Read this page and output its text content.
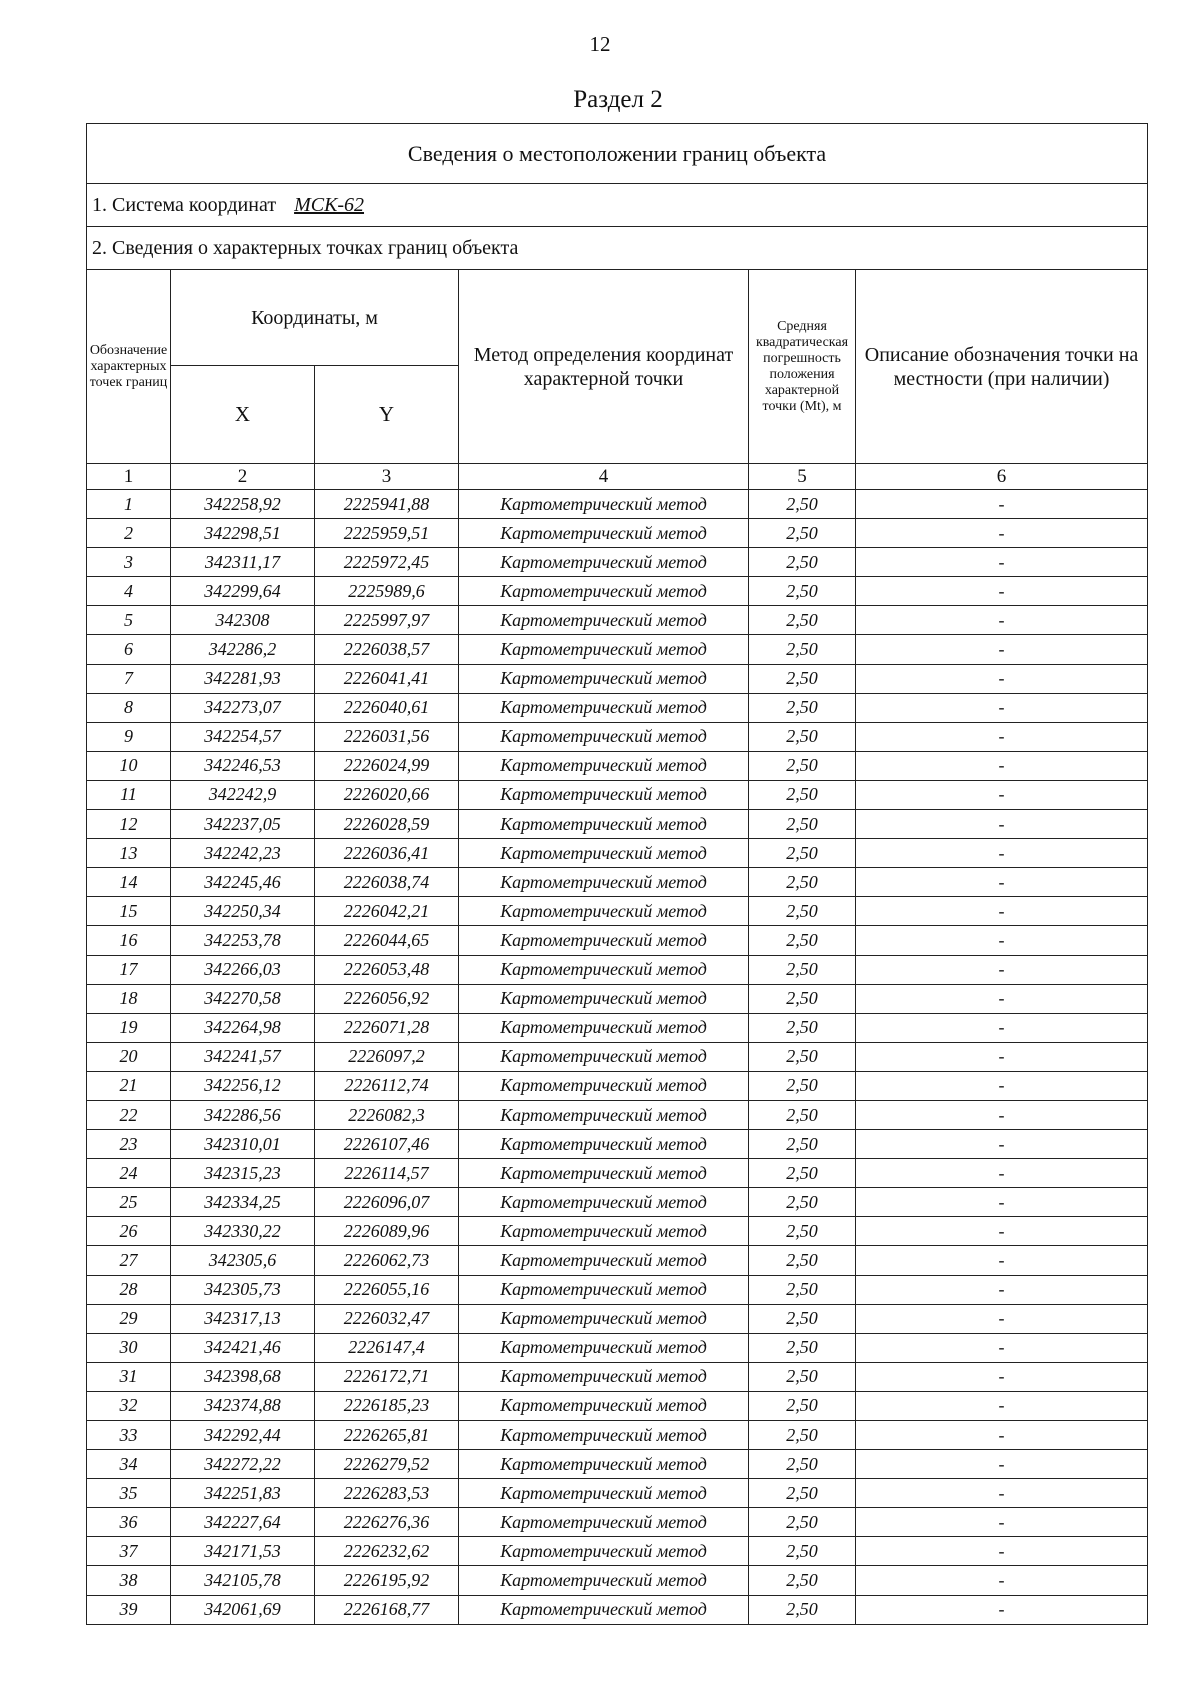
12
Раздел 2
Сведения о местоположении границ объекта					
1. Система координат МСК-62					
2. Сведения о характерных точках границ объекта					
Обозначение характерных точек границ	Координаты, м		Метод определения координат характерной точки	Средняя квадратическая погрешность положения характерной точки (Mt), м	Описание обозначения точки на местности (при наличии)
	X	Y			
1	2	3	4	5	6
1	342258,92	2225941,88	Картометрический метод	2,50	-
2	342298,51	2225959,51	Картометрический метод	2,50	-
3	342311,17	2225972,45	Картометрический метод	2,50	-
4	342299,64	2225989,6	Картометрический метод	2,50	-
5	342308	2225997,97	Картометрический метод	2,50	-
6	342286,2	2226038,57	Картометрический метод	2,50	-
7	342281,93	2226041,41	Картометрический метод	2,50	-
8	342273,07	2226040,61	Картометрический метод	2,50	-
9	342254,57	2226031,56	Картометрический метод	2,50	-
10	342246,53	2226024,99	Картометрический метод	2,50	-
11	342242,9	2226020,66	Картометрический метод	2,50	-
12	342237,05	2226028,59	Картометрический метод	2,50	-
13	342242,23	2226036,41	Картометрический метод	2,50	-
14	342245,46	2226038,74	Картометрический метод	2,50	-
15	342250,34	2226042,21	Картометрический метод	2,50	-
16	342253,78	2226044,65	Картометрический метод	2,50	-
17	342266,03	2226053,48	Картометрический метод	2,50	-
18	342270,58	2226056,92	Картометрический метод	2,50	-
19	342264,98	2226071,28	Картометрический метод	2,50	-
20	342241,57	2226097,2	Картометрический метод	2,50	-
21	342256,12	2226112,74	Картометрический метод	2,50	-
22	342286,56	2226082,3	Картометрический метод	2,50	-
23	342310,01	2226107,46	Картометрический метод	2,50	-
24	342315,23	2226114,57	Картометрический метод	2,50	-
25	342334,25	2226096,07	Картометрический метод	2,50	-
26	342330,22	2226089,96	Картометрический метод	2,50	-
27	342305,6	2226062,73	Картометрический метод	2,50	-
28	342305,73	2226055,16	Картометрический метод	2,50	-
29	342317,13	2226032,47	Картометрический метод	2,50	-
30	342421,46	2226147,4	Картометрический метод	2,50	-
31	342398,68	2226172,71	Картометрический метод	2,50	-
32	342374,88	2226185,23	Картометрический метод	2,50	-
33	342292,44	2226265,81	Картометрический метод	2,50	-
34	342272,22	2226279,52	Картометрический метод	2,50	-
35	342251,83	2226283,53	Картометрический метод	2,50	-
36	342227,64	2226276,36	Картометрический метод	2,50	-
37	342171,53	2226232,62	Картометрический метод	2,50	-
38	342105,78	2226195,92	Картометрический метод	2,50	-
39	342061,69	2226168,77	Картометрический метод	2,50	-
